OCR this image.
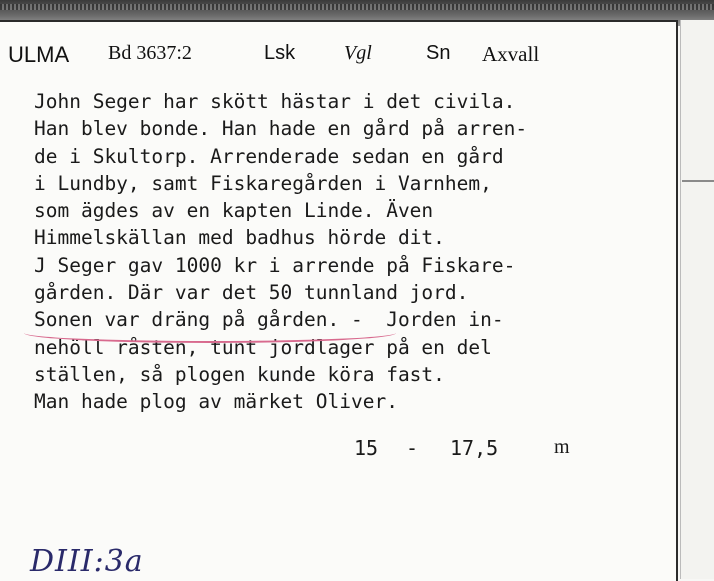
ULMA Bd 3637:2	Lsk Vgl	Sn Axvall
John Seger har skött hästar i det civila.
Han blev bonde. Han hade en gård på arren-
de i Skultorp. Arrenderade sedan en gård
i Lundby, samt Fiskaregården i Varnhem,
som ägdes av en kapten Linde. Även
Himmelskällan med badhus hörde dit.
J Seger gav 1000 kr i arrende på Fiskare-
gården. Där var det 50 tunnland jord.
Sonen var dräng på gården. -  Jorden in-
nehöll råsten, tunt jordlager på en del
ställen, så plogen kunde köra fast.
Man hade plog av märket Oliver.
15 - 17,5	m
DIII:3a
